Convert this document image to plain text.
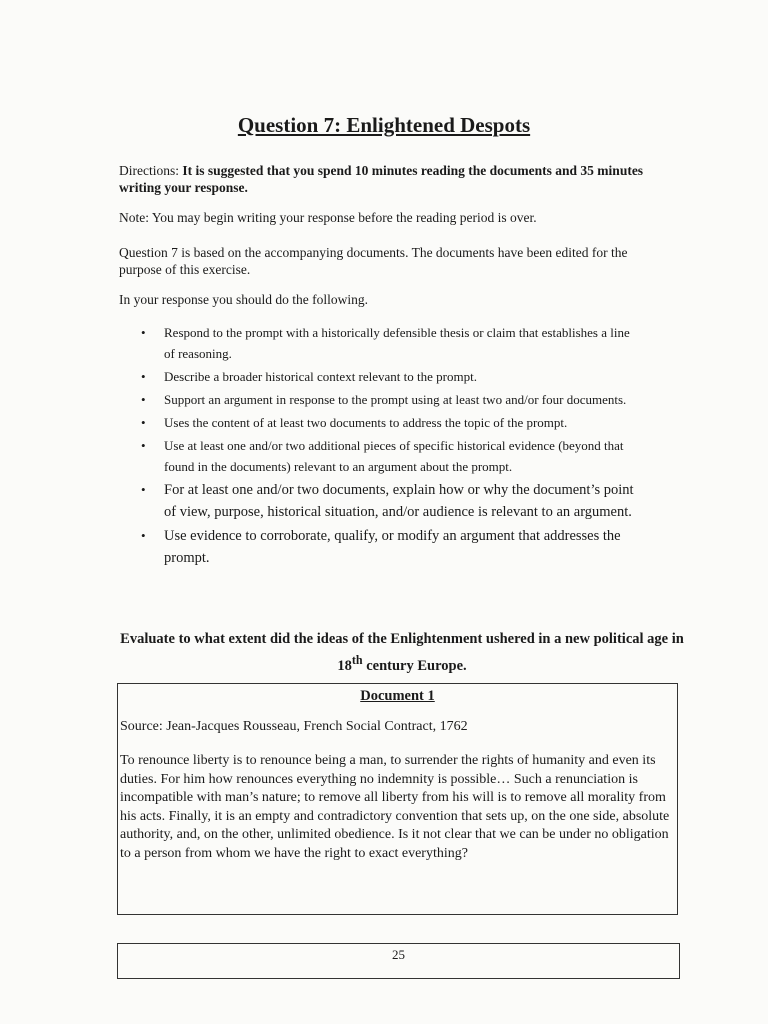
Question 7: Enlightened Despots
Directions: It is suggested that you spend 10 minutes reading the documents and 35 minutes writing your response.
Note: You may begin writing your response before the reading period is over.
Question 7 is based on the accompanying documents. The documents have been edited for the purpose of this exercise.
In your response you should do the following.
• Respond to the prompt with a historically defensible thesis or claim that establishes a line of reasoning.
• Describe a broader historical context relevant to the prompt.
• Support an argument in response to the prompt using at least two and/or four documents.
• Uses the content of at least two documents to address the topic of the prompt.
• Use at least one and/or two additional pieces of specific historical evidence (beyond that found in the documents) relevant to an argument about the prompt.
• For at least one and/or two documents, explain how or why the document’s point of view, purpose, historical situation, and/or audience is relevant to an argument.
• Use evidence to corroborate, qualify, or modify an argument that addresses the prompt.
Evaluate to what extent did the ideas of the Enlightenment ushered in a new political age in 18th century Europe.
Document 1
Source: Jean-Jacques Rousseau, French Social Contract, 1762
To renounce liberty is to renounce being a man, to surrender the rights of humanity and even its duties. For him how renounces everything no indemnity is possible… Such a renunciation is incompatible with man’s nature; to remove all liberty from his will is to remove all morality from his acts. Finally, it is an empty and contradictory convention that sets up, on the one side, absolute authority, and, on the other, unlimited obedience. Is it not clear that we can be under no obligation to a person from whom we have the right to exact everything?
25
